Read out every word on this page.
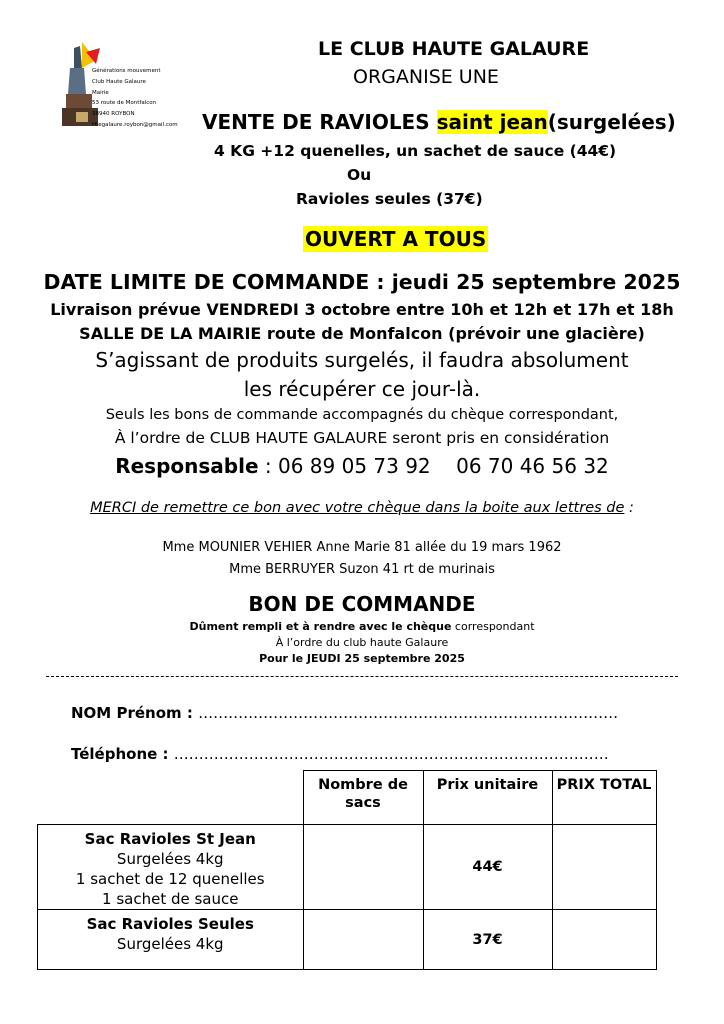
Générations mouvement
Club Haute Galaure
Mairie
53 route de Montfalcon
38940 ROYBON
Htegalaure.roybon@gmail.com
LE CLUB HAUTE GALAURE
ORGANISE UNE
VENTE DE RAVIOLES saint jean(surgelées)
4 KG +12 quenelles, un sachet de sauce (44€)
Ou
Ravioles seules (37€)
OUVERT A TOUS
DATE LIMITE DE COMMANDE : jeudi 25 septembre 2025
Livraison prévue VENDREDI 3 octobre entre 10h et 12h et 17h et 18h
SALLE DE LA MAIRIE route de Monfalcon (prévoir une glacière)
S’agissant de produits surgelés, il faudra absolument
les récupérer ce jour-là.
Seuls les bons de commande accompagnés du chèque correspondant,
À l’ordre de CLUB HAUTE GALAURE seront pris en considération
Responsable : 06 89 05 73 92    06 70 46 56 32
MERCI de remettre ce bon avec votre chèque dans la boite aux lettres de :
Mme MOUNIER VEHIER Anne Marie 81 allée du 19 mars 1962
Mme BERRUYER Suzon 41 rt de murinais
BON DE COMMANDE
Dûment rempli et à rendre avec le chèque correspondant
À l’ordre du club haute Galaure
Pour le JEUDI 25 septembre 2025
NOM Prénom : …………………………………………………………………………
Téléphone : ……………………………………………………………………………
	Nombre de sacs	Prix unitaire	PRIX TOTAL

Sac Ravioles St Jean
Surgelées 4kg
1 sachet de 12 quenelles
1 sachet de sauce		44€	

Sac Ravioles Seules
Surgelées 4kg		37€	
